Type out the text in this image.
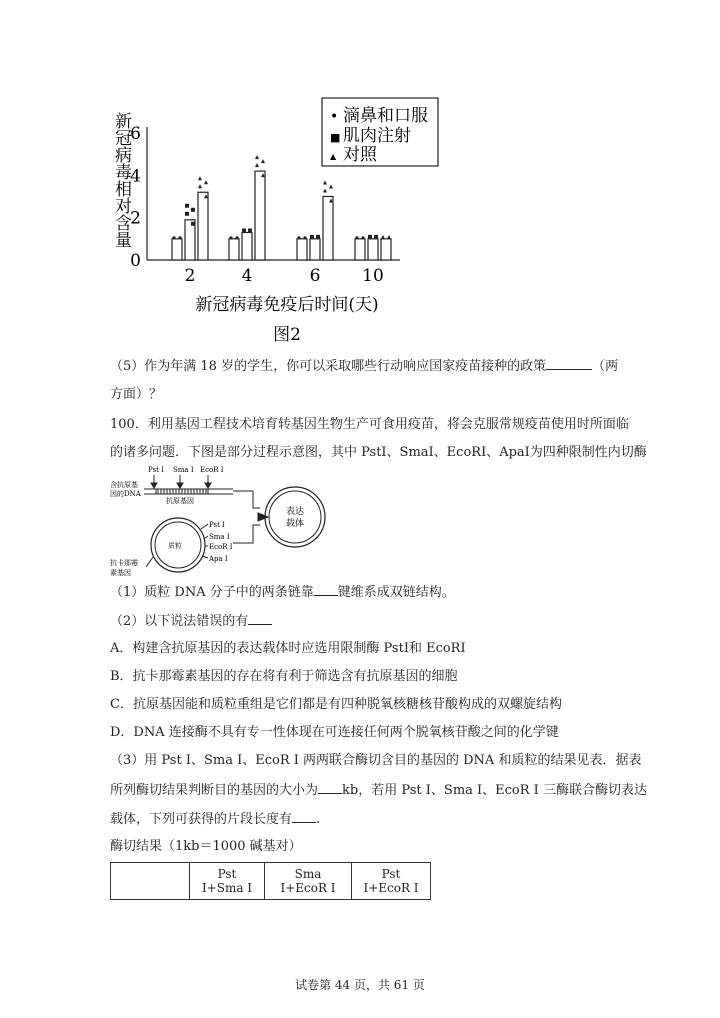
新
冠
病
毒
相
对
含
量
0
2
4
6
2	4	6 10
• 滴鼻和口服
■ 肌肉注射
▲ 对照
新冠病毒免疫后时间(天)
图2
（5）作为年满 18 岁的学生，你可以采取哪些行动响应国家疫苗接种的政策	（两
方面）？
100．利用基因工程技术培育转基因生物生产可食用疫苗，将会克服常规疫苗使用时所面临
的诸多问题．下图是部分过程示意图，其中 PstI、SmaI、EcoRI、ApaI为四种限制性内切酶
Pst I Sma I EcoR I
含抗原基
因的DNA
抗原基因
表达
载体
质粒
Pst I
Sma I
EcoR I
Apa I
抗卡那霉
素基因
（1）质粒 DNA 分子中的两条链靠 键维系成双链结构。
（2）以下说法错误的有
A．构建含抗原基因的表达载体时应选用限制酶 PstI和 EcoRI
B．抗卡那霉素基因的存在将有利于筛选含有抗原基因的细胞
C．抗原基因能和质粒重组是它们都是有四种脱氧核糖核苷酸构成的双螺旋结构
D．DNA 连接酶不具有专一性体现在可连接任何两个脱氧核苷酸之间的化学键
（3）用 Pst I、Sma I、EcoR I 两两联合酶切含目的基因的 DNA 和质粒的结果见表．据表
所列酶切结果判断目的基因的大小为 kb，若用 Pst I、Sma I、EcoR I 三酶联合酶切表达
载体，下列可获得的片段长度有 .
酶切结果（1kb＝1000 碱基对）
	Pst I+Sma I	Sma I+EcoR I	Pst I+EcoR I
试卷第 44 页，共 61 页
